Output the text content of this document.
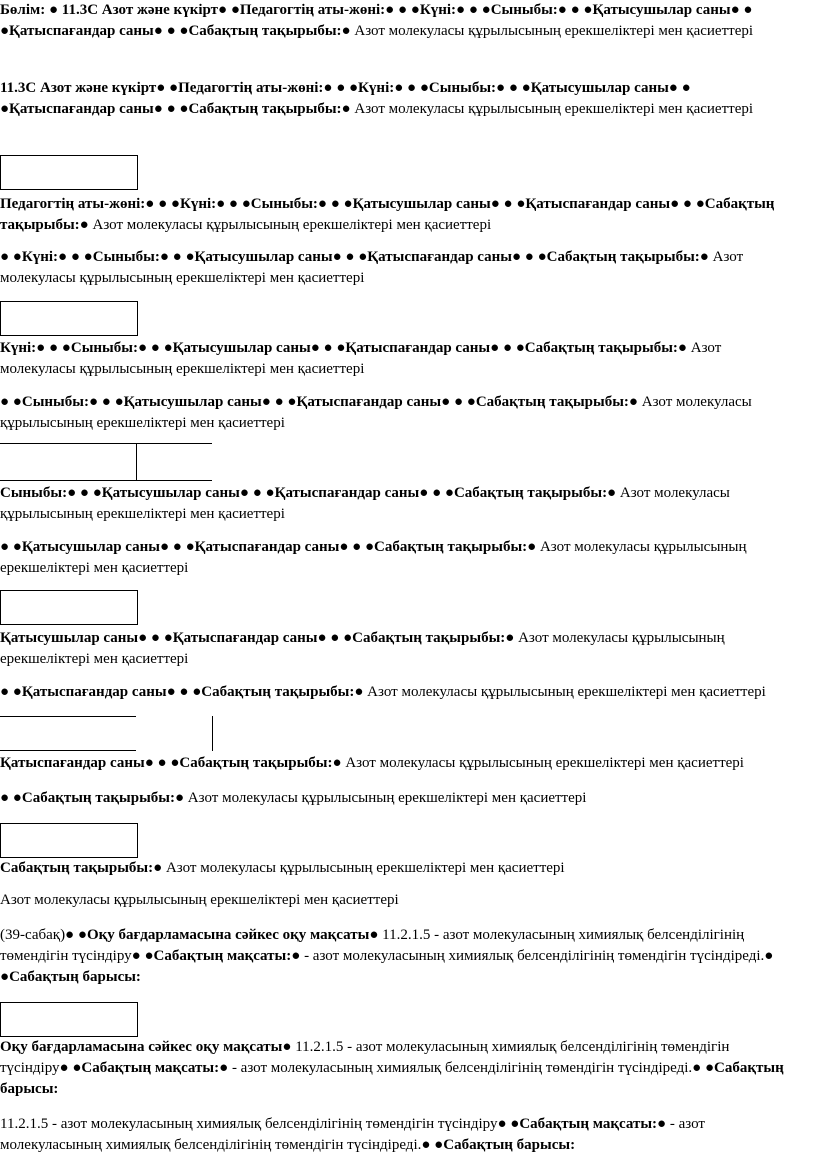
Бөлім: ● 11.3C Азот және күкірт● ●Педагогтің аты-жөні:● ● ●Күні:● ● ●Сыныбы:● ● ●Қатысушылар саны● ● ●Қатыспағандар саны● ● ●Сабақтың тақырыбы:● Азот молекуласы құрылысының ерекшеліктері мен қасиеттері

11.3C Азот және күкірт● ●Педагогтің аты-жөні:● ● ●Күні:● ● ●Сыныбы:● ● ●Қатысушылар саны● ● ●Қатыспағандар саны● ● ●Сабақтың тақырыбы:● Азот молекуласы құрылысының ерекшеліктері мен қасиеттері

Педагогтің аты-жөні:● ● ●Күні:● ● ●Сыныбы:● ● ●Қатысушылар саны● ● ●Қатыспағандар саны● ● ●Сабақтың тақырыбы:● Азот молекуласы құрылысының ерекшеліктері мен қасиеттері

● ●Күні:● ● ●Сыныбы:● ● ●Қатысушылар саны● ● ●Қатыспағандар саны● ● ●Сабақтың тақырыбы:● Азот молекуласы құрылысының ерекшеліктері мен қасиеттері

Күні:● ● ●Сыныбы:● ● ●Қатысушылар саны● ● ●Қатыспағандар саны● ● ●Сабақтың тақырыбы:● Азот молекуласы құрылысының ерекшеліктері мен қасиеттері

● ●Сыныбы:● ● ●Қатысушылар саны● ● ●Қатыспағандар саны● ● ●Сабақтың тақырыбы:● Азот молекуласы құрылысының ерекшеліктері мен қасиеттері

Сыныбы:● ● ●Қатысушылар саны● ● ●Қатыспағандар саны● ● ●Сабақтың тақырыбы:● Азот молекуласы құрылысының ерекшеліктері мен қасиеттері

● ●Қатысушылар саны● ● ●Қатыспағандар саны● ● ●Сабақтың тақырыбы:● Азот молекуласы құрылысының ерекшеліктері мен қасиеттері

Қатысушылар саны● ● ●Қатыспағандар саны● ● ●Сабақтың тақырыбы:● Азот молекуласы құрылысының ерекшеліктері мен қасиеттері

● ●Қатыспағандар саны● ● ●Сабақтың тақырыбы:● Азот молекуласы құрылысының ерекшеліктері мен қасиеттері

Қатыспағандар саны● ● ●Сабақтың тақырыбы:● Азот молекуласы құрылысының ерекшеліктері мен қасиеттері

● ●Сабақтың тақырыбы:● Азот молекуласы құрылысының ерекшеліктері мен қасиеттері

Сабақтың тақырыбы:● Азот молекуласы құрылысының ерекшеліктері мен қасиеттері

Азот молекуласы құрылысының ерекшеліктері мен қасиеттері

(39-сабақ)● ●Оқу бағдарламасына сәйкес оқу мақсаты● 11.2.1.5 - азот молекуласының химиялық белсенділігінің төмендігін түсіндіру● ●Сабақтың мақсаты:● - азот молекуласының химиялық белсенділігінің төмендігін түсіндіреді.● ●Сабақтың барысы:

Оқу бағдарламасына сәйкес оқу мақсаты● 11.2.1.5 - азот молекуласының химиялық белсенділігінің төмендігін түсіндіру● ●Сабақтың мақсаты:● - азот молекуласының химиялық белсенділігінің төмендігін түсіндіреді.● ●Сабақтың барысы:

11.2.1.5 - азот молекуласының химиялық белсенділігінің төмендігін түсіндіру● ●Сабақтың мақсаты:● - азот молекуласының химиялық белсенділігінің төмендігін түсіндіреді.● ●Сабақтың барысы:
